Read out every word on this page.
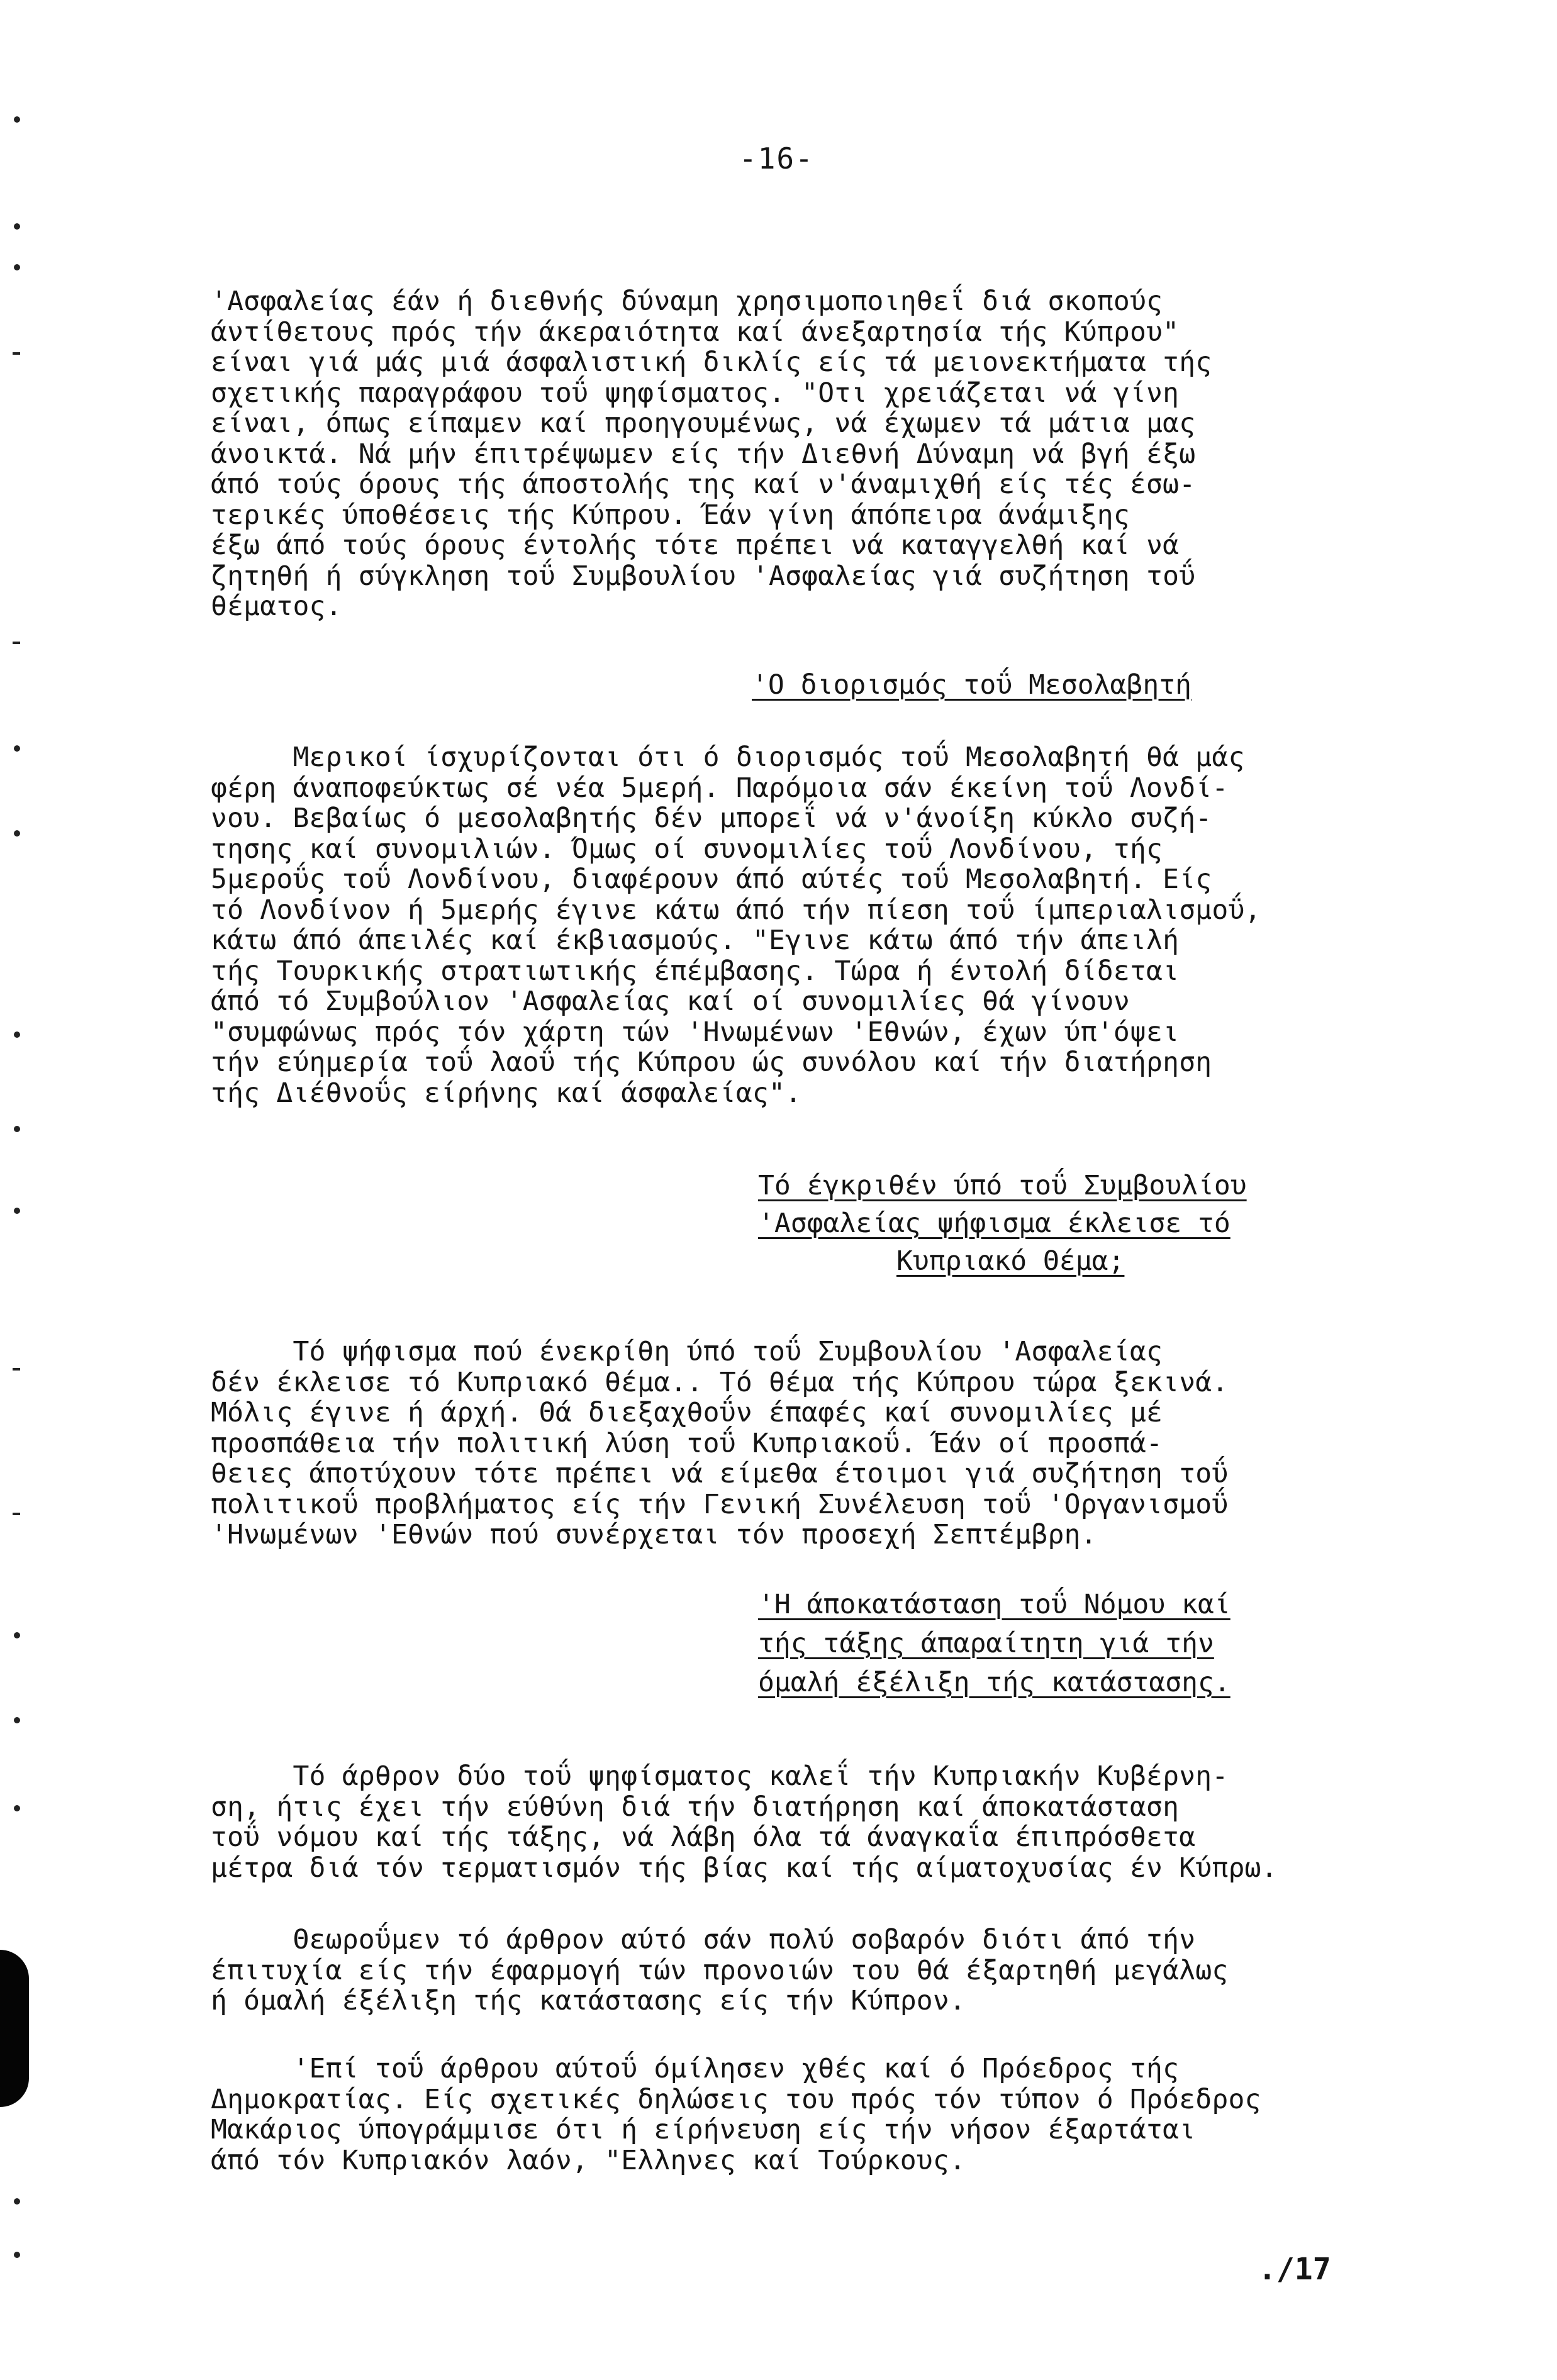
-16-
'Ασφαλείας έάν ή διεθνής δύναμη χρησιμοποιηθεΐ διά σκοπούς
άντίθετους πρός τήν άκεραιότητα καί άνεξαρτησία τής Κύπρου"
είναι γιά μάς μιά άσφαλιστική δικλίς είς τά μειονεκτήματα τής
σχετικής παραγράφου τοΰ ψηφίσματος. "Οτι χρειάζεται νά γίνη
είναι, όπως είπαμεν καί προηγουμένως, νά έχωμεν τά μάτια μας
άνοικτά. Νά μήν έπιτρέψωμεν είς τήν Διεθνή Δύναμη νά βγή έξω
άπό τούς όρους τής άποστολής της καί ν'άναμιχθή είς τές έσω-
τερικές ύποθέσεις τής Κύπρου. Έάν γίνη άπόπειρα άνάμιξης
έξω άπό τούς όρους έντολής τότε πρέπει νά καταγγελθή καί νά
ζητηθή ή σύγκληση τοΰ Συμβουλίου 'Ασφαλείας γιά συζήτηση τοΰ
θέματος.
'Ο διορισμός τοΰ Μεσολαβητή
Μερικοί ίσχυρίζονται ότι ό διορισμός τοΰ Μεσολαβητή θά μάς
φέρη άναποφεύκτως σέ νέα 5μερή. Παρόμοια σάν έκείνη τοΰ Λονδί-
νου. Βεβαίως ό μεσολαβητής δέν μπορεΐ νά ν'άνοίξη κύκλο συζή-
τησης καί συνομιλιών. Όμως οί συνομιλίες τοΰ Λονδίνου, τής
5μεροΰς τοΰ Λονδίνου, διαφέρουν άπό αύτές τοΰ Μεσολαβητή. Είς
τό Λονδίνον ή 5μερής έγινε κάτω άπό τήν πίεση τοΰ ίμπεριαλισμοΰ,
κάτω άπό άπειλές καί έκβιασμούς. "Εγινε κάτω άπό τήν άπειλή
τής Τουρκικής στρατιωτικής έπέμβασης. Τώρα ή έντολή δίδεται
άπό τό Συμβούλιον 'Ασφαλείας καί οί συνομιλίες θά γίνουν
"συμφώνως πρός τόν χάρτη τών 'Ηνωμένων 'Εθνών, έχων ύπ'όψει
τήν εύημερία τοΰ λαοΰ τής Κύπρου ώς συνόλου καί τήν διατήρηση
τής Διέθνοΰς είρήνης καί άσφαλείας".
Τό έγκριθέν ύπό τοΰ Συμβουλίου
'Ασφαλείας ψήφισμα έκλεισε τό
Κυπριακό Θέμα;
Τό ψήφισμα πού ένεκρίθη ύπό τοΰ Συμβουλίου 'Ασφαλείας
δέν έκλεισε τό Κυπριακό θέμα.. Τό θέμα τής Κύπρου τώρα ξεκινά.
Μόλις έγινε ή άρχή. Θά διεξαχθοΰν έπαφές καί συνομιλίες μέ
προσπάθεια τήν πολιτική λύση τοΰ Κυπριακοΰ. Έάν οί προσπά-
θειες άποτύχουν τότε πρέπει νά είμεθα έτοιμοι γιά συζήτηση τοΰ
πολιτικοΰ προβλήματος είς τήν Γενική Συνέλευση τοΰ 'Οργανισμοΰ
'Ηνωμένων 'Εθνών πού συνέρχεται τόν προσεχή Σεπτέμβρη.
'Η άποκατάσταση τοΰ Νόμου καί
τής τάξης άπαραίτητη γιά τήν
όμαλή έξέλιξη τής κατάστασης.
Τό άρθρον δύο τοΰ ψηφίσματος καλεΐ τήν Κυπριακήν Κυβέρνη-
ση, ήτις έχει τήν εύθύνη διά τήν διατήρηση καί άποκατάσταση
τοΰ νόμου καί τής τάξης, νά λάβη όλα τά άναγκαΐα έπιπρόσθετα
μέτρα διά τόν τερματισμόν τής βίας καί τής αίματοχυσίας έν Κύπρω.
Θεωροΰμεν τό άρθρον αύτό σάν πολύ σοβαρόν διότι άπό τήν
έπιτυχία είς τήν έφαρμογή τών προνοιών του θά έξαρτηθή μεγάλως
ή όμαλή έξέλιξη τής κατάστασης είς τήν Κύπρον.
'Επί τοΰ άρθρου αύτοΰ όμίλησεν χθές καί ό Πρόεδρος τής
Δημοκρατίας. Είς σχετικές δηλώσεις του πρός τόν τύπον ό Πρόεδρος
Μακάριος ύπογράμμισε ότι ή είρήνευση είς τήν νήσον έξαρτάται
άπό τόν Κυπριακόν λαόν, "Ελληνες καί Τούρκους.
./17
